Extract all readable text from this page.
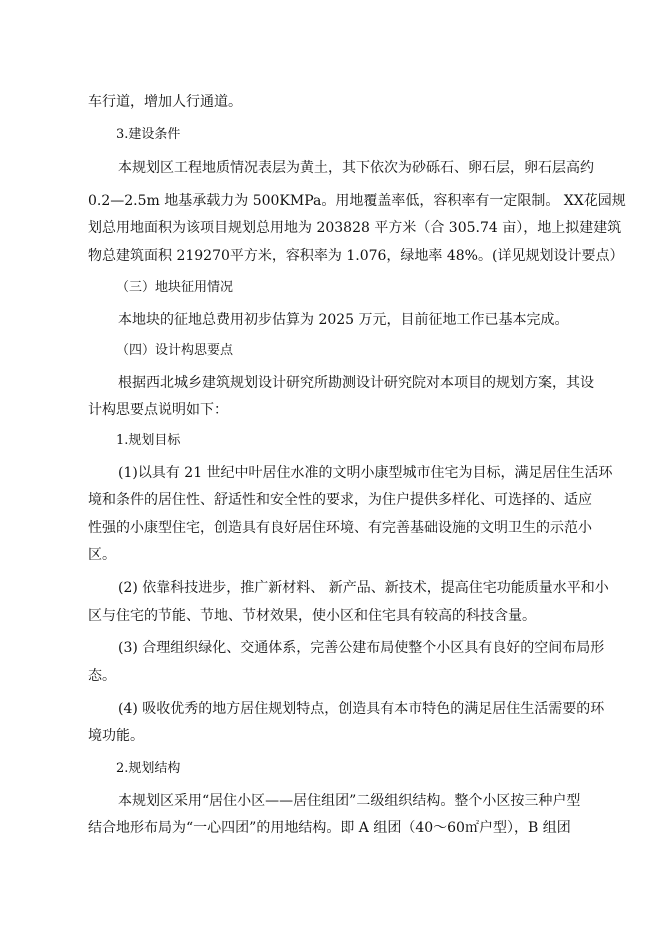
车行道，增加人行通道。
3.建设条件
本规划区工程地质情况表层为黄土，其下依次为砂砾石、卵石层，卵石层高约
0.2—2.5m 地基承载力为 500KMPa。用地覆盖率低，容积率有一定限制。 XX花园规
划总用地面积为该项目规划总用地为 203828 平方米（合 305.74 亩），地上拟建建筑
物总建筑面积 219270平方米，容积率为 1.076，绿地率 48%。(详见规划设计要点）
（三）地块征用情况
本地块的征地总费用初步估算为 2025 万元，目前征地工作已基本完成。
（四）设计构思要点
根据西北城乡建筑规划设计研究所勘测设计研究院对本项目的规划方案，其设
计构思要点说明如下：
1.规划目标
(1)以具有 21 世纪中叶居住水准的文明小康型城市住宅为目标，满足居住生活环
境和条件的居住性、舒适性和安全性的要求，为住户提供多样化、可选择的、适应
性强的小康型住宅，创造具有良好居住环境、有完善基础设施的文明卫生的示范小
区。
(2) 依靠科技进步，推广新材料、 新产品、新技术，提高住宅功能质量水平和小
区与住宅的节能、节地、节材效果，使小区和住宅具有较高的科技含量。
(3) 合理组织绿化、交通体系，完善公建布局使整个小区具有良好的空间布局形
态。
(4) 吸收优秀的地方居住规划特点，创造具有本市特色的满足居住生活需要的环
境功能。
2.规划结构
本规划区采用“居住小区——居住组团”二级组织结构。整个小区按三种户型
结合地形布局为“一心四团”的用地结构。即 A 组团（40～60㎡户型），B 组团
